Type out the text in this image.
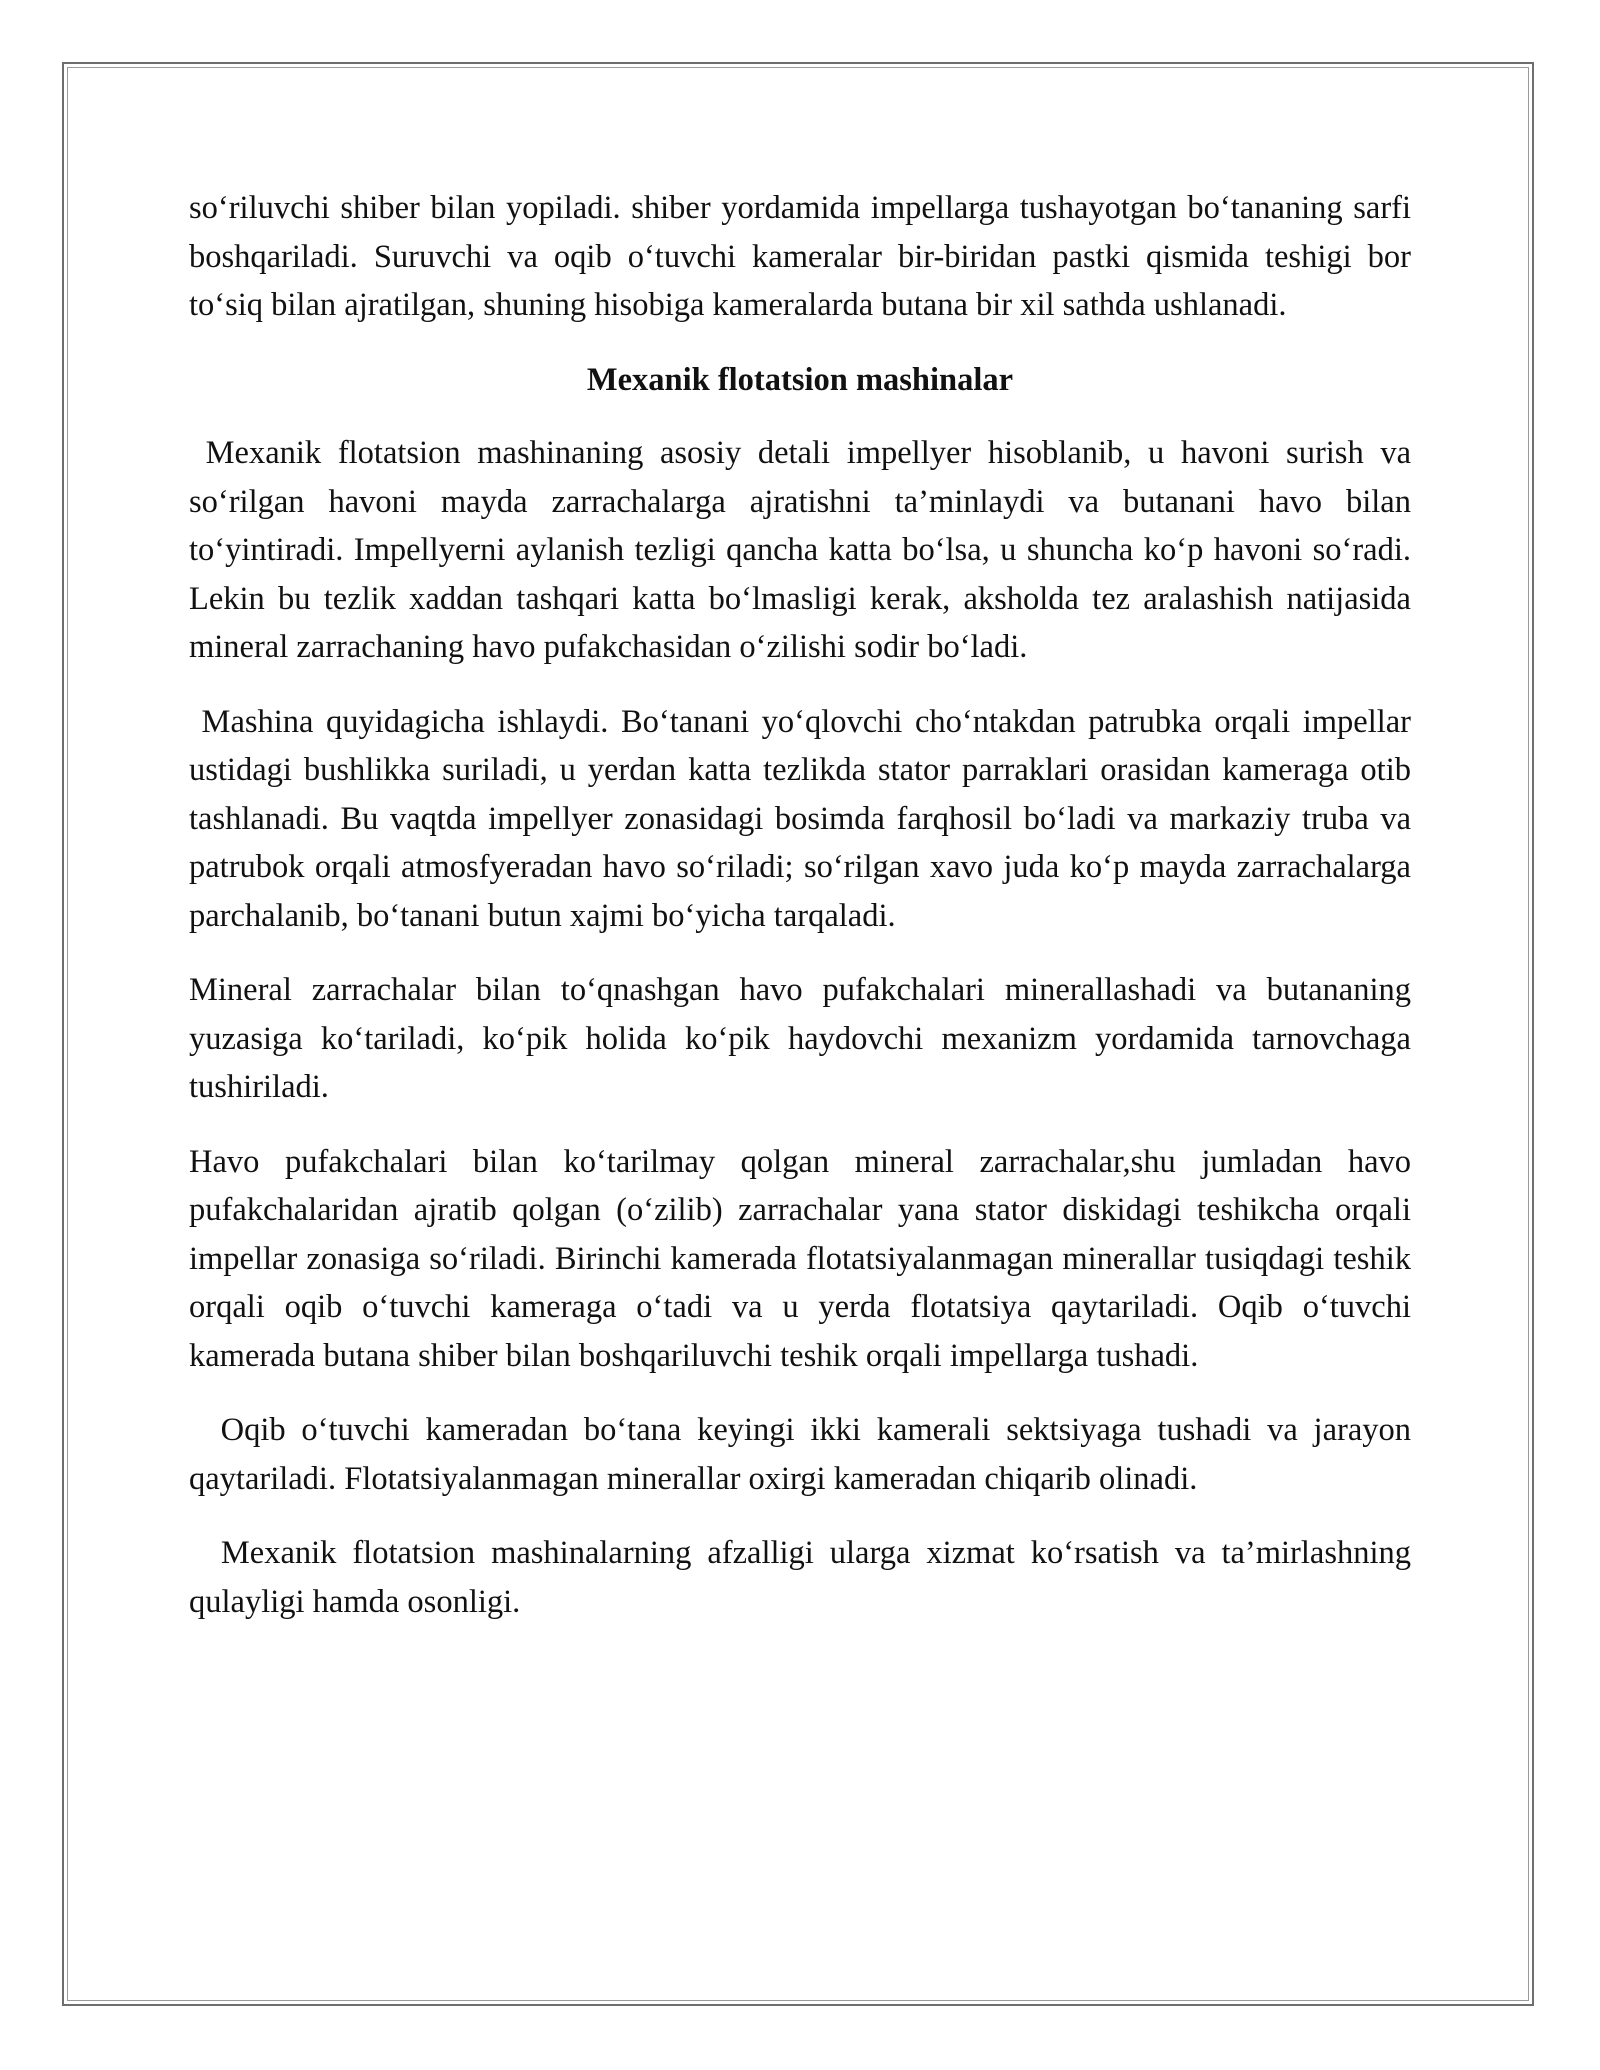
so‘riluvchi shiber bilan yopiladi. shiber yordamida impellarga tushayotgan bo‘tananing sarfi boshqariladi. Suruvchi va oqib o‘tuvchi kameralar bir-biridan pastki qismida teshigi bor to‘siq bilan ajratilgan, shuning hisobiga kameralarda butana bir xil sathda ushlanadi.

Mexanik flotatsion mashinalar

Mexanik flotatsion mashinaning asosiy detali impellyer hisoblanib, u havoni surish va so‘rilgan havoni mayda zarrachalarga ajratishni ta’minlaydi va butanani havo bilan to‘yintiradi. Impellyerni aylanish tezligi qancha katta bo‘lsa, u shuncha ko‘p havoni so‘radi. Lekin bu tezlik xaddan tashqari katta bo‘lmasligi kerak, aksholda tez aralashish natijasida mineral zarrachaning havo pufakchasidan o‘zilishi sodir bo‘ladi.

Mashina quyidagicha ishlaydi. Bo‘tanani yo‘qlovchi cho‘ntakdan patrubka orqali impellar ustidagi bushlikka suriladi, u yerdan katta tezlikda stator parraklari orasidan kameraga otib tashlanadi. Bu vaqtda impellyer zonasidagi bosimda farqhosil bo‘ladi va markaziy truba va patrubok orqali atmosfyeradan havo so‘riladi; so‘rilgan xavo juda ko‘p mayda zarrachalarga parchalanib, bo‘tanani butun xajmi bo‘yicha tarqaladi.

Mineral zarrachalar bilan to‘qnashgan havo pufakchalari minerallashadi va butananing yuzasiga ko‘tariladi, ko‘pik holida ko‘pik haydovchi mexanizm yordamida tarnovchaga tushiriladi.

Havo pufakchalari bilan ko‘tarilmay qolgan mineral zarrachalar,shu jumladan havo pufakchalaridan ajratib qolgan (o‘zilib) zarrachalar yana stator diskidagi teshikcha orqali impellar zonasiga so‘riladi. Birinchi kamerada flotatsiyalanmagan minerallar tusiqdagi teshik orqali oqib o‘tuvchi kameraga o‘tadi va u yerda flotatsiya qaytariladi. Oqib o‘tuvchi kamerada butana shiber bilan boshqariluvchi teshik orqali impellarga tushadi.

Oqib o‘tuvchi kameradan bo‘tana keyingi ikki kamerali sektsiyaga tushadi va jarayon qaytariladi. Flotatsiyalanmagan minerallar oxirgi kameradan chiqarib olinadi.

Mexanik flotatsion mashinalarning afzalligi ularga xizmat ko‘rsatish va ta’mirlashning qulayligi hamda osonligi.
